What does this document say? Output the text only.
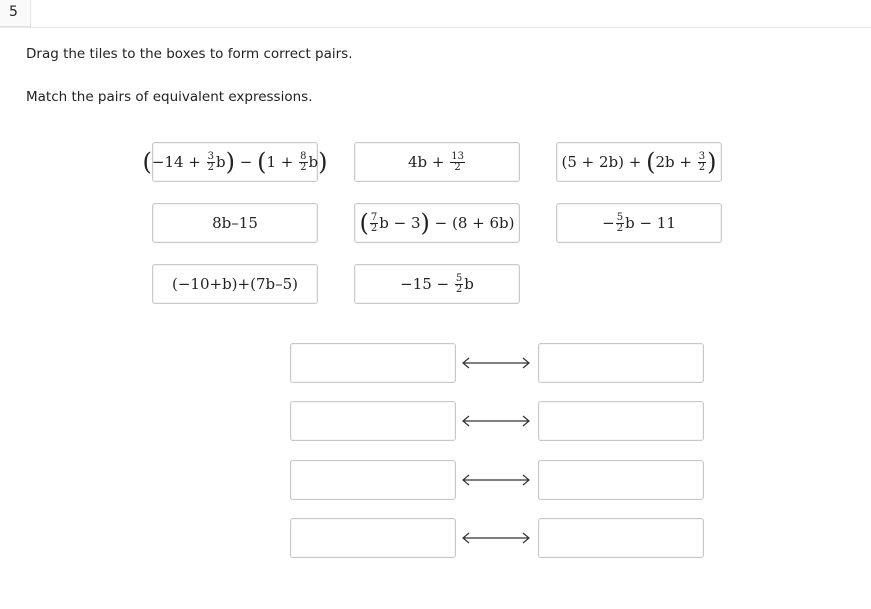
5
Drag the tiles to the boxes to form correct pairs.
Match the pairs of equivalent expressions.
( $-14 + \frac{3}{2}$ b ) − ( $1 + \frac{8}{2}$ b )	$4b + \frac{13}{2}$	(5 + 2b) + ( $2b + \frac{3}{2}$ )
8b–15	( $\frac{7}{2}$ b − 3 ) − (8 + 6b)	− $\frac{5}{2}$ b − 11
(−10+b)+(7b–5)	$-15 - \frac{5}{2}$ b
